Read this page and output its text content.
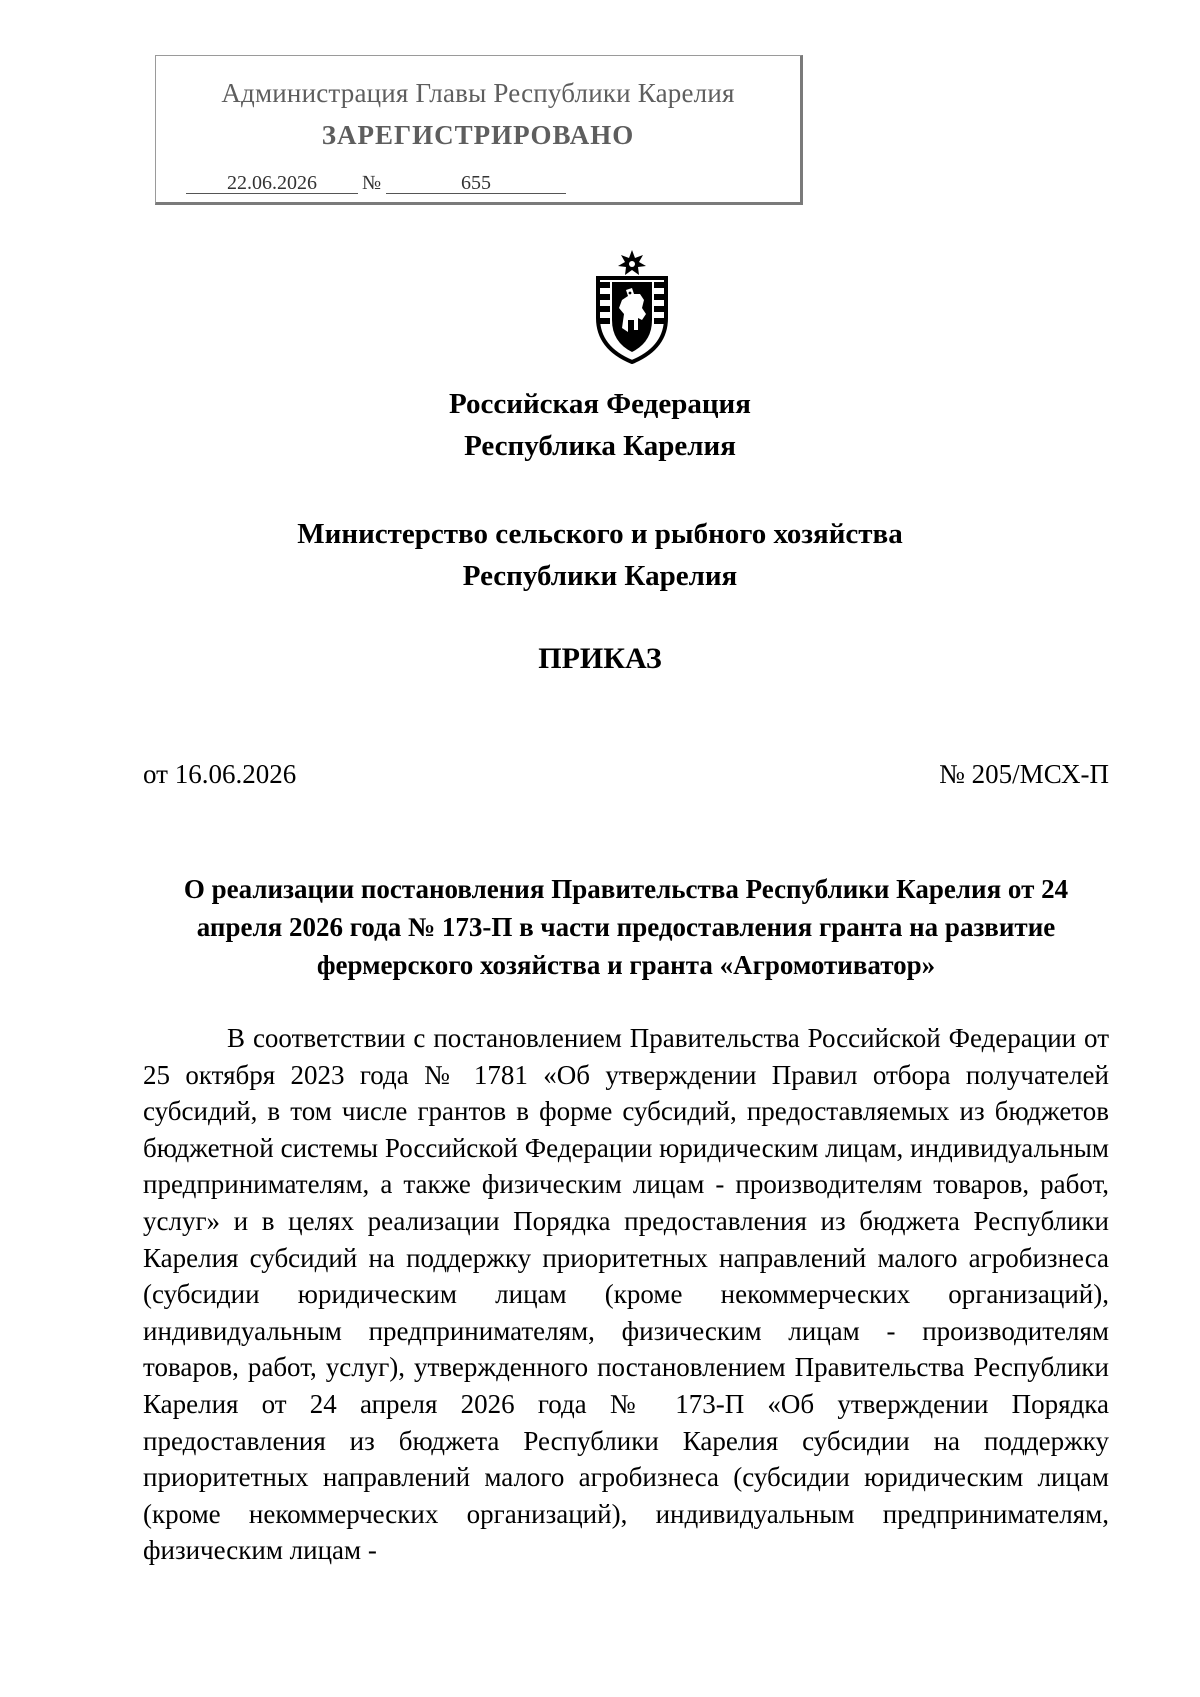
Администрация Главы Республики Карелия
ЗАРЕГИСТРИРОВАНО
22.06.2026	№	655
Российская Федерация
Республика Карелия
Министерство сельского и рыбного хозяйства
Республики Карелия
ПРИКАЗ
от 16.06.2026	№ 205/МСХ-П
О реализации постановления Правительства Республики Карелия от 24 апреля 2026 года № 173-П в части предоставления гранта на развитие фермерского хозяйства и гранта «Агромотиватор»

В соответствии с постановлением Правительства Российской Федерации от 25 октября 2023 года № 1781 «Об утверждении Правил отбора получателей субсидий, в том числе грантов в форме субсидий, предоставляемых из бюджетов бюджетной системы Российской Федерации юридическим лицам, индивидуальным предпринимателям, а также физическим лицам - производителям товаров, работ, услуг» и в целях реализации Порядка предоставления из бюджета Республики Карелия субсидий на поддержку приоритетных направлений малого агробизнеса (субсидии юридическим лицам (кроме некоммерческих организаций), индивидуальным предпринимателям, физическим лицам - производителям товаров, работ, услуг), утвержденного постановлением Правительства Республики Карелия от 24 апреля 2026 года № 173-П «Об утверждении Порядка предоставления из бюджета Республики Карелия субсидии на поддержку приоритетных направлений малого агробизнеса (субсидии юридическим лицам (кроме некоммерческих организаций), индивидуальным предпринимателям, физическим лицам -
